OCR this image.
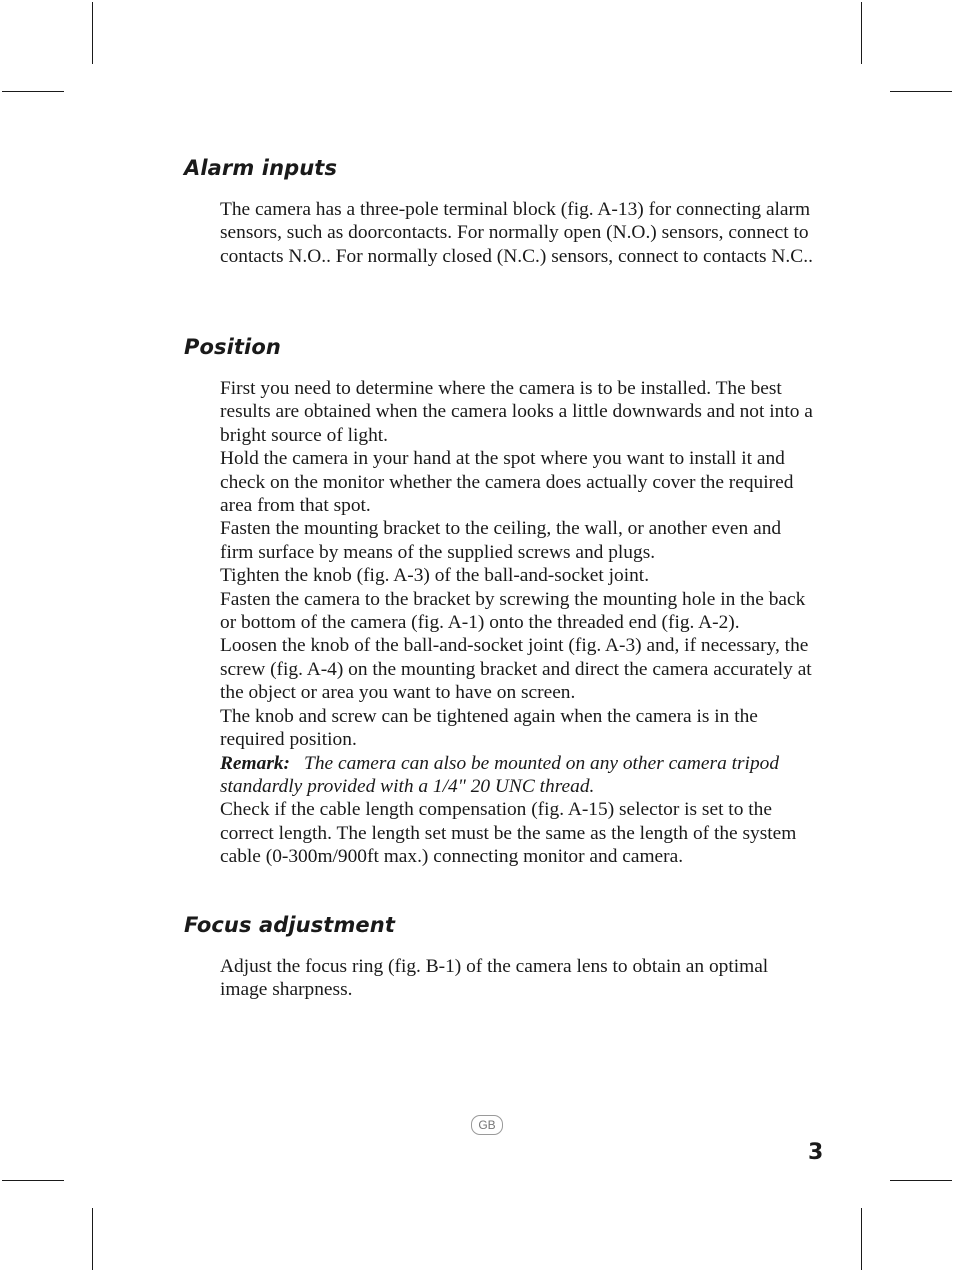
Alarm inputs

The camera has a three-pole terminal block (fig. A-13) for connecting alarm sensors, such as doorcontacts. For normally open (N.O.) sensors, connect to contacts N.O.. For normally closed (N.C.) sensors, connect to contacts N.C..

Position

First you need to determine where the camera is to be installed. The best results are obtained when the camera looks a little downwards and not into a bright source of light.

Hold the camera in your hand at the spot where you want to install it and check on the monitor whether the camera does actually cover the required area from that spot.

Fasten the mounting bracket to the ceiling, the wall, or another even and firm surface by means of the supplied screws and plugs.

Tighten the knob (fig. A-3) of the ball-and-socket joint.

Fasten the camera to the bracket by screwing the mounting hole in the back or bottom of the camera (fig. A-1) onto the threaded end (fig. A-2).

Loosen the knob of the ball-and-socket joint (fig. A-3) and, if necessary, the screw (fig. A-4) on the mounting bracket and direct the camera accurately at the object or area you want to have on screen.

The knob and screw can be tightened again when the camera is in the required position.

Remark: The camera can also be mounted on any other camera tripod standardly provided with a 1/4" 20 UNC thread.

Check if the cable length compensation (fig. A-15) selector is set to the correct length. The length set must be the same as the length of the system cable (0-300m/900ft max.) connecting monitor and camera.

Focus adjustment

Adjust the focus ring (fig. B-1) of the camera lens to obtain an optimal image sharpness.

GB
3
